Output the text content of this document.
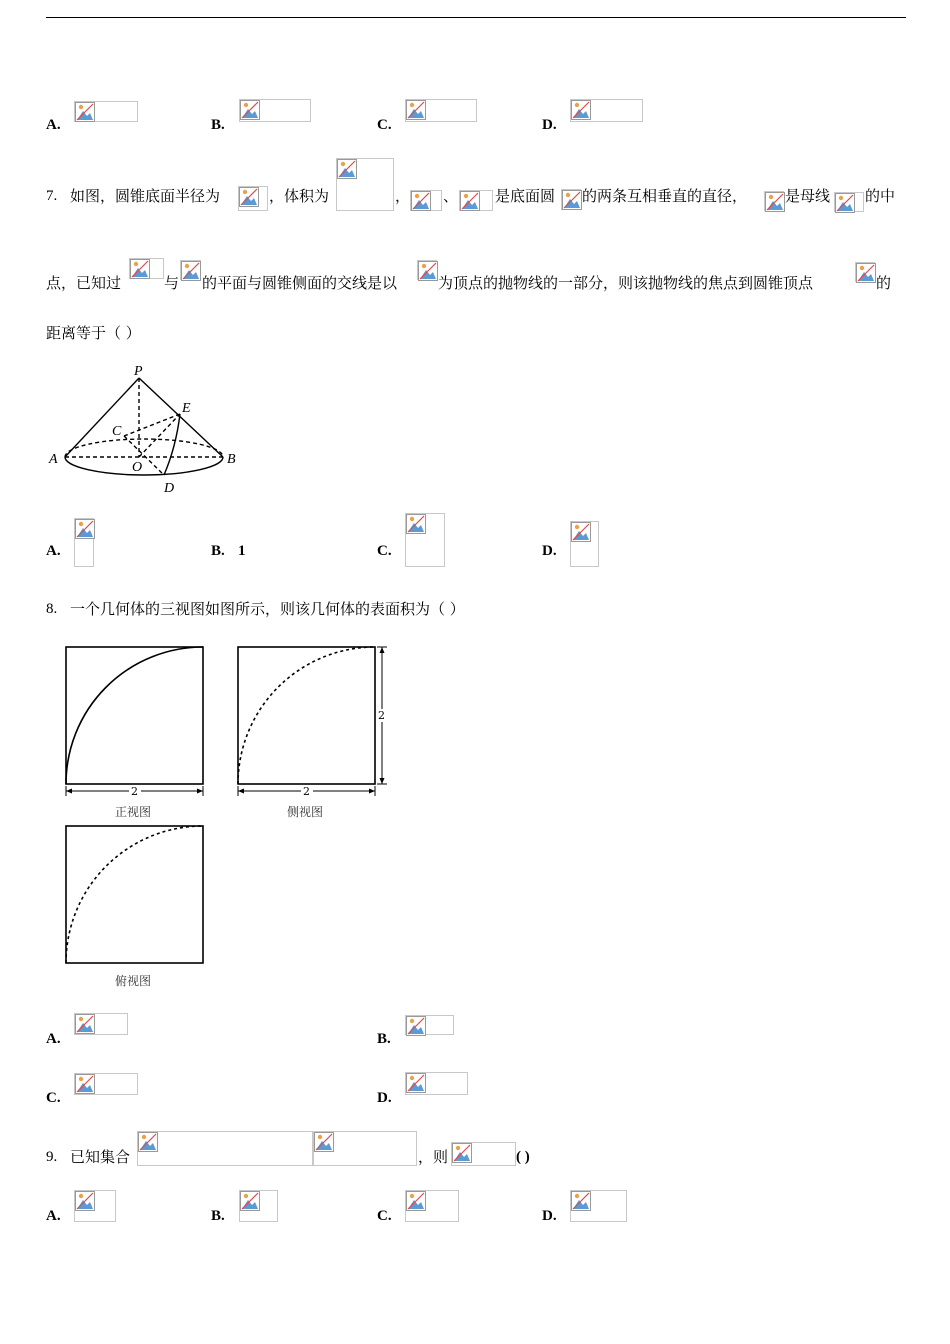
A.	B.	C.	D.
7. 如图，圆锥底面半径为	，体积为	， 、 是底面圆 的两条互相垂直的直径，	是母线 的中
点，已知过	与 的平面与圆锥侧面的交线是以	为顶点的抛物线的一部分，则该抛物线的焦点到圆锥顶点	的
距离等于（ ）
P
E
C
A	B
O
D
A.	B. 1	C.	D.
8. 一个几何体的三视图如图所示，则该几何体的表面积为（ ）
2	2
2
正视图	侧视图
俯视图
A.	B.
C.	D.
9. 已知集合	，则	( )
A.	B.	C.	D.
